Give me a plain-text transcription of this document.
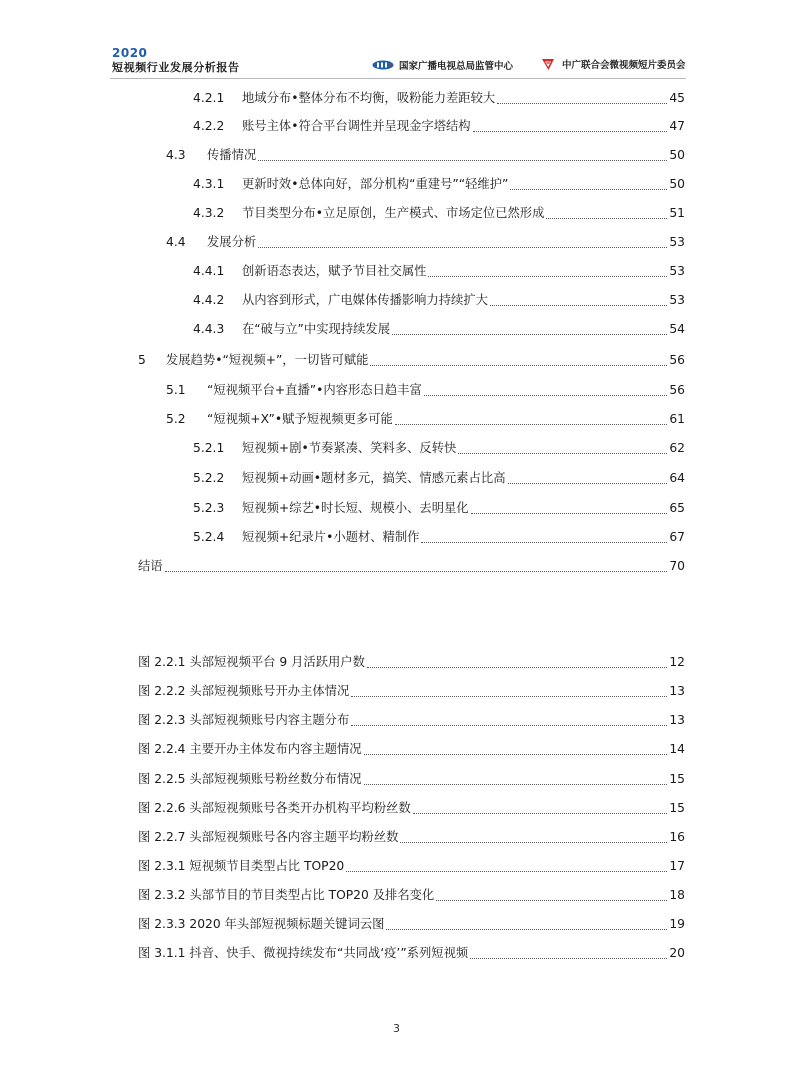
2020
短视频行业发展分析报告	国家广播电视总局监管中心	中广联合会微视频短片委员会
4.2.1	地域分布•整体分布不均衡，吸粉能力差距较大	45
4.2.2	账号主体•符合平台调性并呈现金字塔结构	47
4.3	传播情况	50
4.3.1	更新时效•总体向好，部分机构“重建号”“轻维护”	50
4.3.2	节目类型分布•立足原创，生产模式、市场定位已然形成	51
4.4	发展分析	53
4.4.1	创新语态表达，赋予节目社交属性	53
4.4.2	从内容到形式，广电媒体传播影响力持续扩大	53
4.4.3	在“破与立”中实现持续发展	54
5	发展趋势•“短视频+”，一切皆可赋能	56
5.1	“短视频平台+直播”•内容形态日趋丰富	56
5.2	“短视频+X”•赋予短视频更多可能	61
5.2.1	短视频+剧•节奏紧凑、笑料多、反转快	62
5.2.2	短视频+动画•题材多元，搞笑、情感元素占比高	64
5.2.3	短视频+综艺•时长短、规模小、去明星化	65
5.2.4	短视频+纪录片•小题材、精制作	67
结语	70
图 2.2.1 头部短视频平台 9 月活跃用户数	12
图 2.2.2 头部短视频账号开办主体情况	13
图 2.2.3 头部短视频账号内容主题分布	13
图 2.2.4 主要开办主体发布内容主题情况	14
图 2.2.5 头部短视频账号粉丝数分布情况	15
图 2.2.6 头部短视频账号各类开办机构平均粉丝数	15
图 2.2.7 头部短视频账号各内容主题平均粉丝数	16
图 2.3.1 短视频节目类型占比 TOP20	17
图 2.3.2 头部节目的节目类型占比 TOP20 及排名变化	18
图 2.3.3 2020 年头部短视频标题关键词云图	19
图 3.1.1 抖音、快手、微视持续发布“共同战‘疫’”系列短视频	20
3
